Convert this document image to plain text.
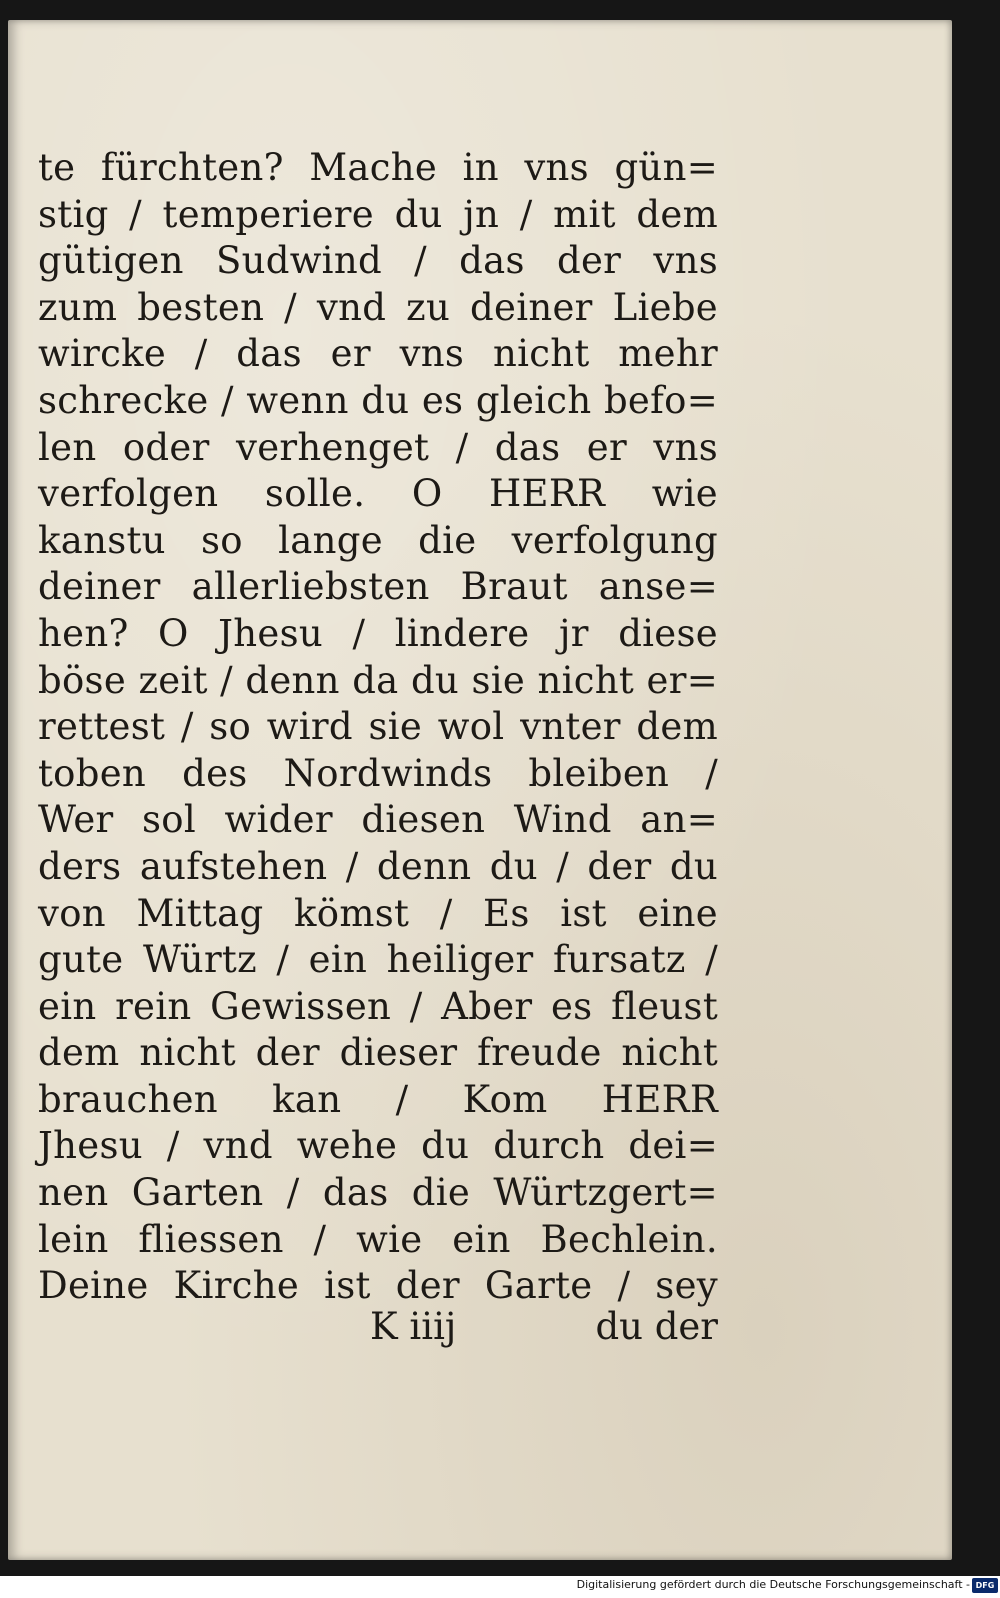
te fürchten? Mache in vns gün=
stig / temperiere du jn / mit dem
gütigen Sudwind / das der vns
zum besten / vnd zu deiner Liebe
wircke / das er vns nicht mehr
schrecke / wenn du es gleich befo=
len oder verhenget / das er vns
verfolgen solle. O HERR wie
kanstu so lange die verfolgung
deiner allerliebsten Braut anse=
hen? O Jhesu / lindere jr diese
böse zeit / denn da du sie nicht er=
rettest / so wird sie wol vnter dem
toben des Nordwinds bleiben /
Wer sol wider diesen Wind an=
ders aufstehen / denn du / der du
von Mittag kömst / Es ist eine
gute Würtz / ein heiliger fursatz /
ein rein Gewissen / Aber es fleust
dem nicht der dieser freude nicht
brauchen kan / Kom HERR
Jhesu / vnd wehe du durch dei=
nen Garten / das die Würtzgert=
lein fliessen / wie ein Bechlein.
Deine Kirche ist der Garte / sey
K iiij	du der
Digitalisierung gefördert durch die Deutsche Forschungsgemeinschaft - DFG
